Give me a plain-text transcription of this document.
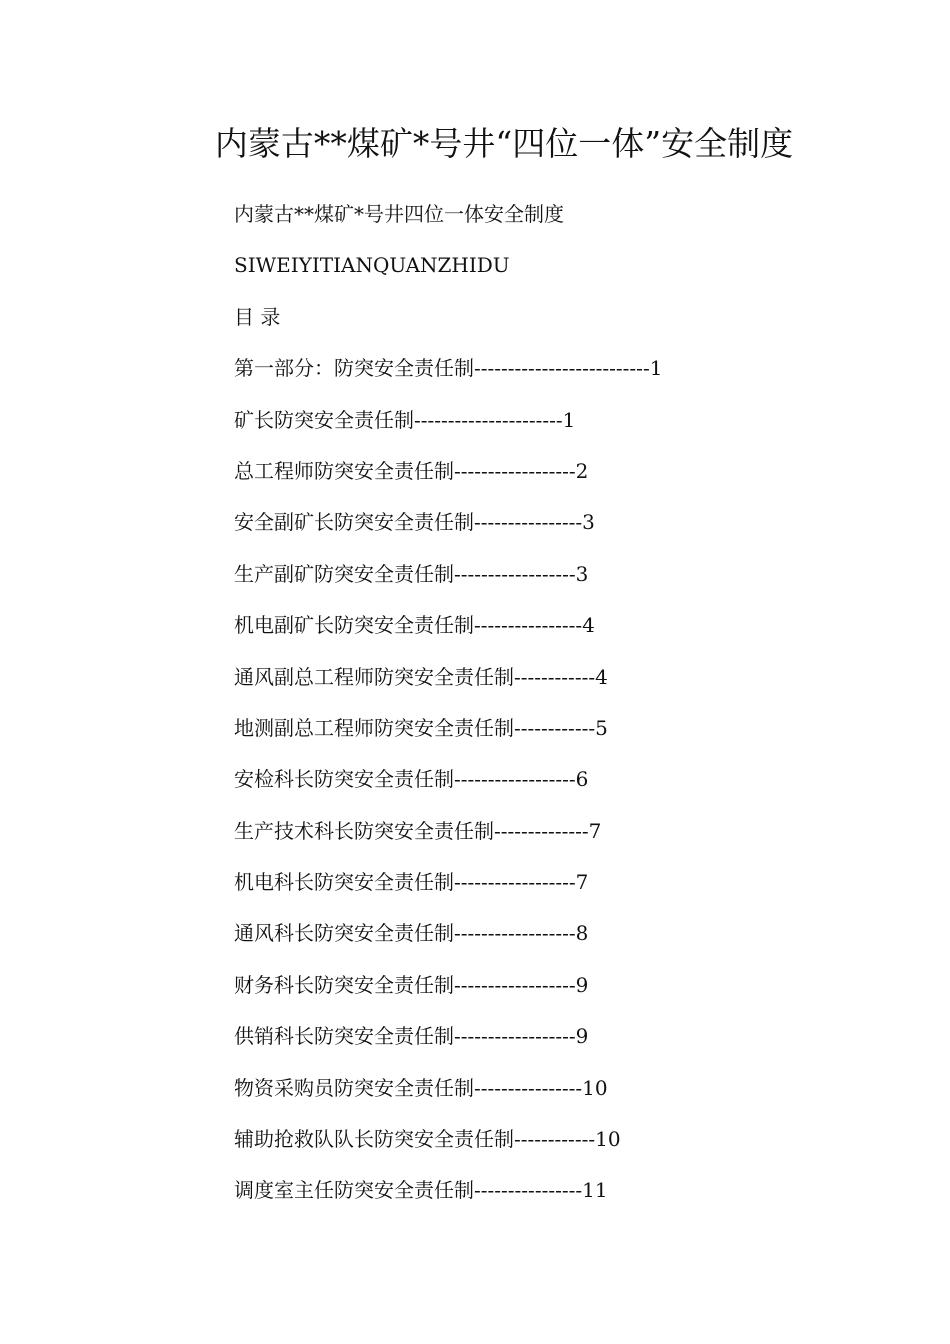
内蒙古**煤矿*号井“四位一体”安全制度
内蒙古**煤矿*号井四位一体安全制度
SIWEIYITIANQUANZHIDU
目 录
第一部分：防突安全责任制--------------------------1
矿长防突安全责任制----------------------1
总工程师防突安全责任制------------------2
安全副矿长防突安全责任制----------------3
生产副矿防突安全责任制------------------3
机电副矿长防突安全责任制----------------4
通风副总工程师防突安全责任制------------4
地测副总工程师防突安全责任制------------5
安检科长防突安全责任制------------------6
生产技术科长防突安全责任制--------------7
机电科长防突安全责任制------------------7
通风科长防突安全责任制------------------8
财务科长防突安全责任制------------------9
供销科长防突安全责任制------------------9
物资采购员防突安全责任制----------------10
辅助抢救队队长防突安全责任制------------10
调度室主任防突安全责任制----------------11
